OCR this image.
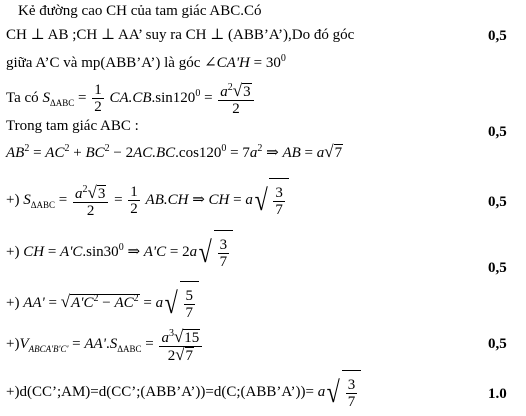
Kẻ đường cao CH của tam giác ABC.Có
CH ⊥ AB ;CH ⊥ AA’ suy ra CH ⊥ (ABB’A’),Do đó góc
giữa A’C và mp(ABB’A’) là góc ∠CA'H = $30^0$
Ta có $S_{\Delta ABC} = \frac{1}{2} CA.CB.\sin 120^0 = \frac{a^2√3}{2}$
Trong tam giác ABC :
$AB^2 = AC^2 + BC^2 - 2AC.BC.\cos 120^0 = 7a^2$ ⇒ AB = a√7
+) $S_{\Delta ABC} = \frac{a^2√3}{2} = \frac{1}{2} AB.CH$ ⇒ CH = a √ $\frac{3}{7}$
+) CH = $A'C.\sin 30^0$ ⇒ A'C = 2a √ $\frac{3}{7}$
+) $AA' = √A'C^2 - AC^2 = a$ √ $\frac{5}{7}$
$+)V_{ABCA'B'C'} = AA'.S_{\Delta ABC} = \frac{a^3√15}{2√7}$
+)d(CC’;AM)=d(CC’;(ABB’A’))=d(C;(ABB’A’))= a √ $\frac{3}{7}$
0,5
0,5
0,5
0,5
0,5
1.0
